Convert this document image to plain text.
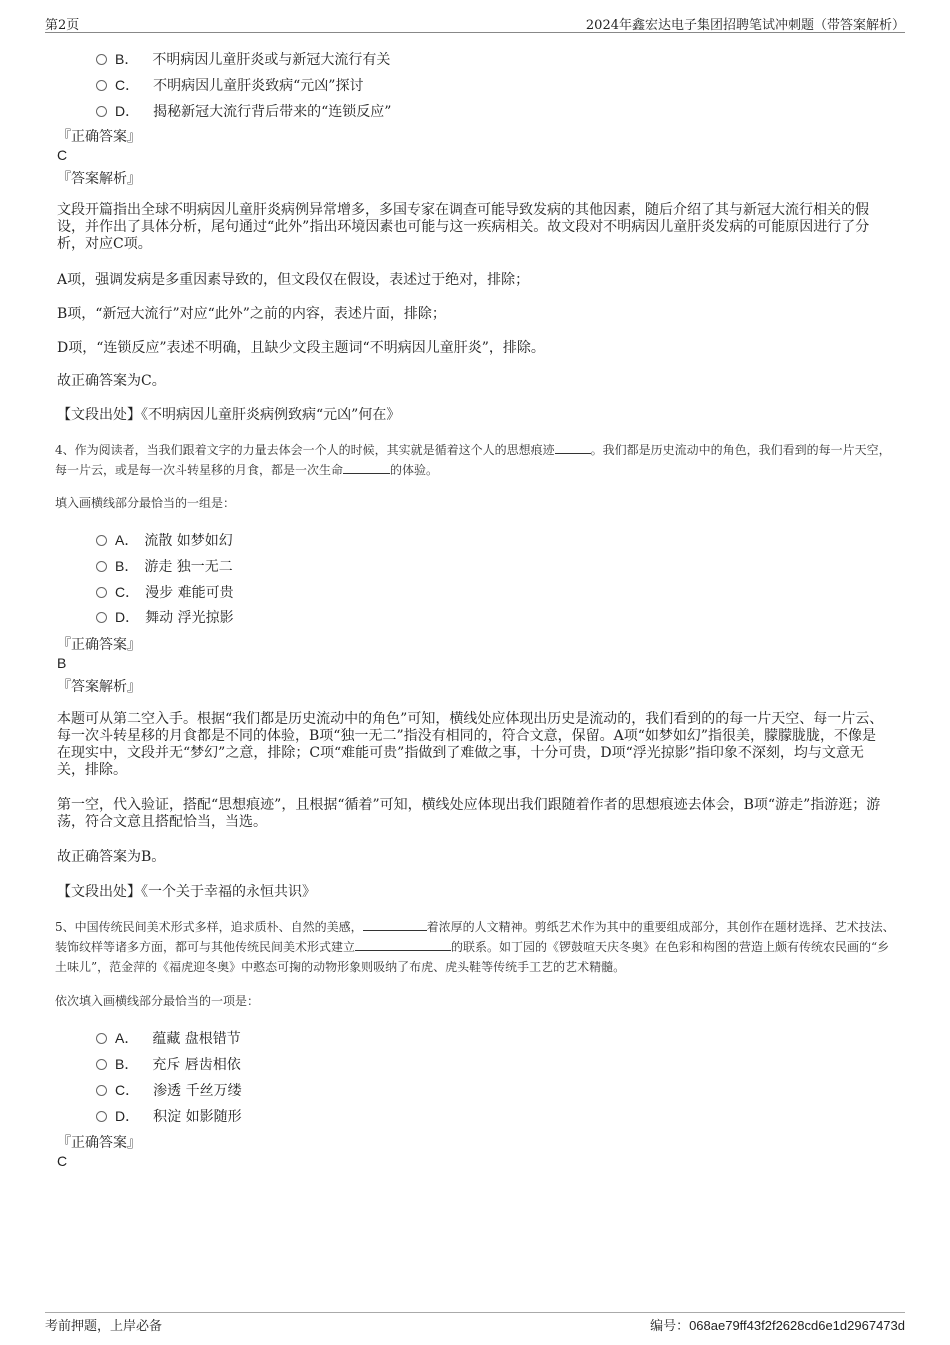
第2页	2024年鑫宏达电子集团招聘笔试冲刺题（带答案解析）
B． 不明病因儿童肝炎或与新冠大流行有关
C． 不明病因儿童肝炎致病“元凶”探讨
D． 揭秘新冠大流行背后带来的“连锁反应”
『正确答案』
C
『答案解析』
文段开篇指出全球不明病因儿童肝炎病例异常增多，多国专家在调查可能导致发病的其他因素，随后介绍了其与新冠大流行相关的假设，并作出了具体分析，尾句通过“此外”指出环境因素也可能与这一疾病相关。故文段对不明病因儿童肝炎发病的可能原因进行了分析，对应C项。
A项，强调发病是多重因素导致的，但文段仅在假设，表述过于绝对，排除；
B项，“新冠大流行”对应“此外”之前的内容，表述片面，排除；
D项，“连锁反应”表述不明确，且缺少文段主题词“不明病因儿童肝炎”，排除。
故正确答案为C。
【文段出处】《不明病因儿童肝炎病例致病“元凶”何在》
4、作为阅读者，当我们跟着文字的力量去体会一个人的时候，其实就是循着这个人的思想痕迹	。我们都是历史流动中的角色，我们看到的每一片天空，每一片云，或是每一次斗转星移的月食，都是一次生命	的体验。
填入画横线部分最恰当的一组是：
A． 流散 如梦如幻
B． 游走 独一无二
C． 漫步 难能可贵
D． 舞动 浮光掠影
『正确答案』
B
『答案解析』
本题可从第二空入手。根据“我们都是历史流动中的角色”可知，横线处应体现出历史是流动的，我们看到的的每一片天空、每一片云、每一次斗转星移的月食都是不同的体验，B项“独一无二”指没有相同的，符合文意，保留。A项“如梦如幻”指很美，朦朦胧胧，不像是在现实中，文段并无“梦幻”之意，排除；C项“难能可贵”指做到了难做之事，十分可贵，D项“浮光掠影”指印象不深刻，均与文意无关，排除。
第一空，代入验证，搭配“思想痕迹”，且根据“循着”可知，横线处应体现出我们跟随着作者的思想痕迹去体会，B项“游走”指游逛；游荡，符合文意且搭配恰当，当选。
故正确答案为B。
【文段出处】《一个关于幸福的永恒共识》
5、中国传统民间美术形式多样，追求质朴、自然的美感，	着浓厚的人文精神。剪纸艺术作为其中的重要组成部分，其创作在题材选择、艺术技法、装饰纹样等诸多方面，都可与其他传统民间美术形式建立	的联系。如丁园的《锣鼓喧天庆冬奥》在色彩和构图的营造上颇有传统农民画的“乡土味儿”，范金萍的《福虎迎冬奥》中憨态可掬的动物形象则吸纳了布虎、虎头鞋等传统手工艺的艺术精髓。
依次填入画横线部分最恰当的一项是：
A． 蕴藏 盘根错节
B． 充斥 唇齿相依
C． 渗透 千丝万缕
D． 积淀 如影随形
『正确答案』
C
考前押题，上岸必备	编号：068ae79ff43f2f2628cd6e1d2967473d
